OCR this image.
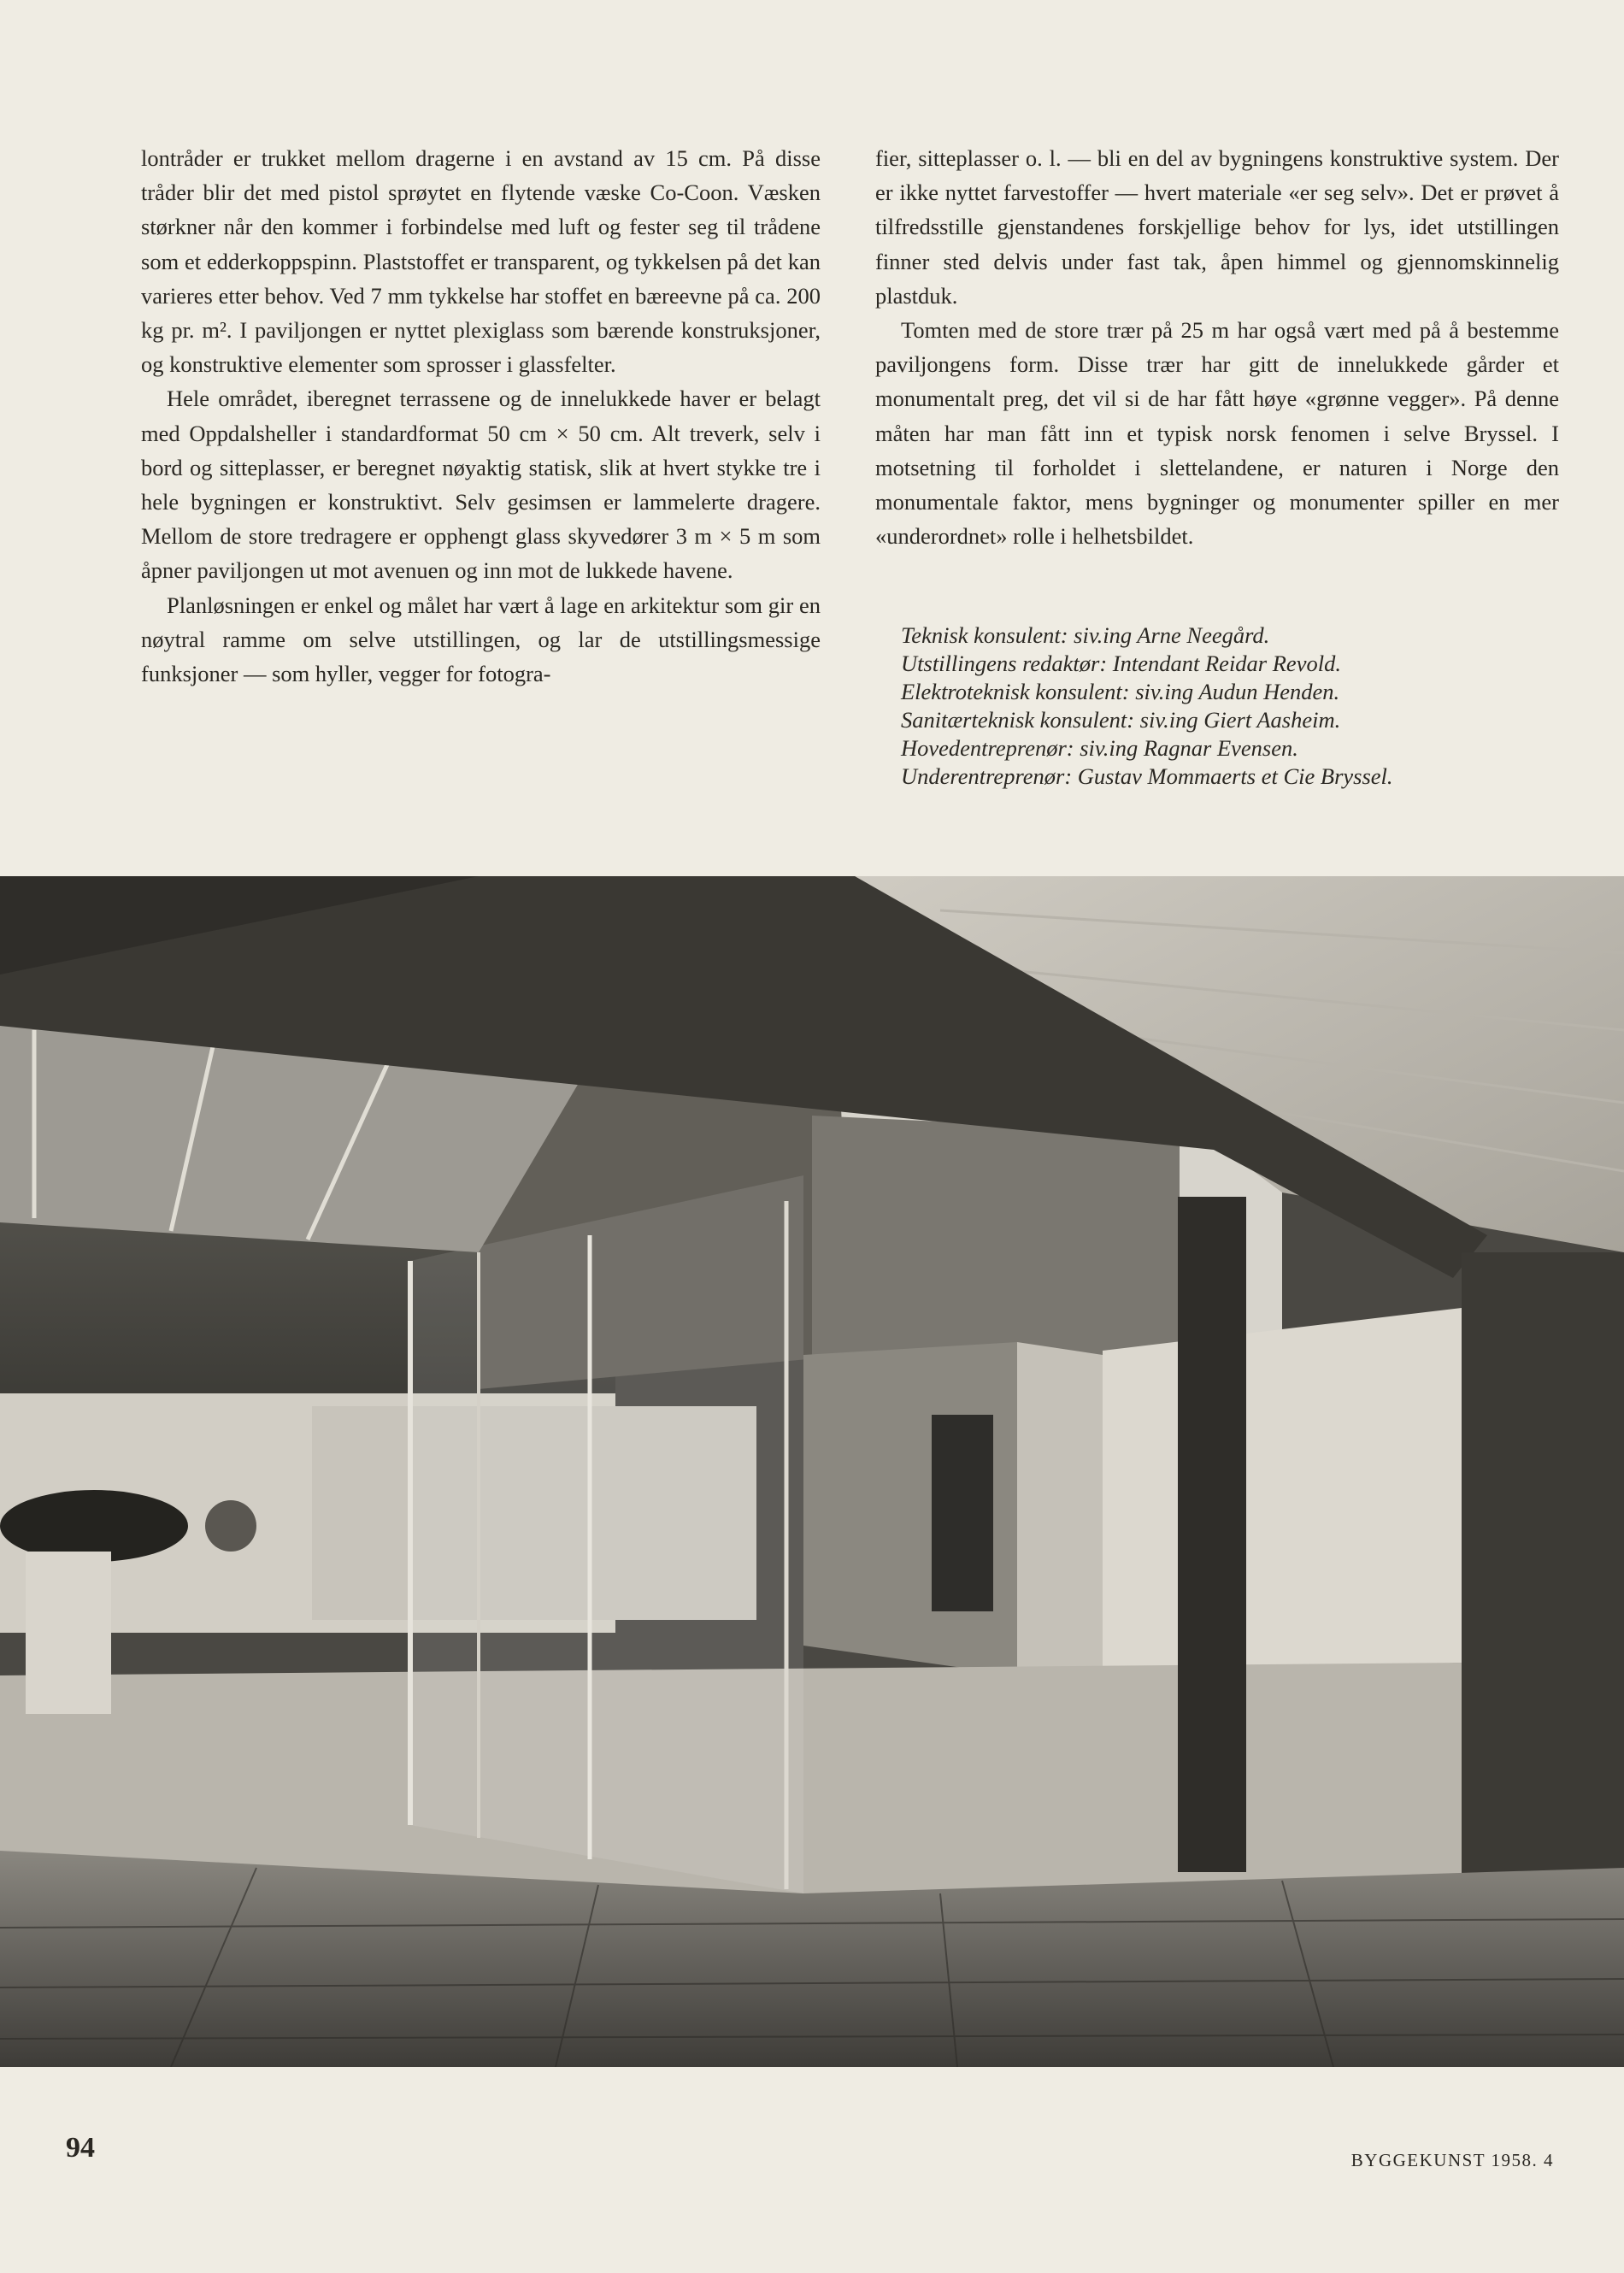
lontråder er trukket mellom dragerne i en avstand av 15 cm. På disse tråder blir det med pistol sprøytet en flytende væske Co-Coon. Væsken størkner når den kommer i forbindelse med luft og fester seg til trådene som et edderkoppspinn. Plaststoffet er transparent, og tykkelsen på det kan varieres etter behov. Ved 7 mm tykkelse har stoffet en bæreevne på ca. 200 kg pr. m². I paviljongen er nyttet plexiglass som bærende konstruksjoner, og konstruktive elementer som sprosser i glassfelter.

Hele området, iberegnet terrassene og de innelukkede haver er belagt med Oppdalsheller i standardformat 50 cm × 50 cm. Alt treverk, selv i bord og sitteplasser, er beregnet nøyaktig statisk, slik at hvert stykke tre i hele bygningen er konstruktivt. Selv gesimsen er lammelerte dragere. Mellom de store tredragere er opphengt glass skyvedører 3 m × 5 m som åpner paviljongen ut mot avenuen og inn mot de lukkede havene.

Planløsningen er enkel og målet har vært å lage en arkitektur som gir en nøytral ramme om selve utstillingen, og lar de utstillingsmessige funksjoner — som hyller, vegger for fotogra-

fier, sitteplasser o. l. — bli en del av bygningens konstruktive system. Der er ikke nyttet farvestoffer — hvert materiale «er seg selv». Det er prøvet å tilfredsstille gjenstandenes forskjellige behov for lys, idet utstillingen finner sted delvis under fast tak, åpen himmel og gjennomskinnelig plastduk.

Tomten med de store trær på 25 m har også vært med på å bestemme paviljongens form. Disse trær har gitt de innelukkede gårder et monumentalt preg, det vil si de har fått høye «grønne vegger». På denne måten har man fått inn et typisk norsk fenomen i selve Bryssel. I motsetning til forholdet i slettelandene, er naturen i Norge den monumentale faktor, mens bygninger og monumenter spiller en mer «underordnet» rolle i helhetsbildet.

Teknisk konsulent: siv.ing Arne Neegård.
Utstillingens redaktør: Intendant Reidar Revold.
Elektroteknisk konsulent: siv.ing Audun Henden.
Sanitærteknisk konsulent: siv.ing Giert Aasheim.
Hovedentreprenør: siv.ing Ragnar Evensen.
Underentreprenør: Gustav Mommaerts et Cie Bryssel.
94	BYGGEKUNST 1958. 4
